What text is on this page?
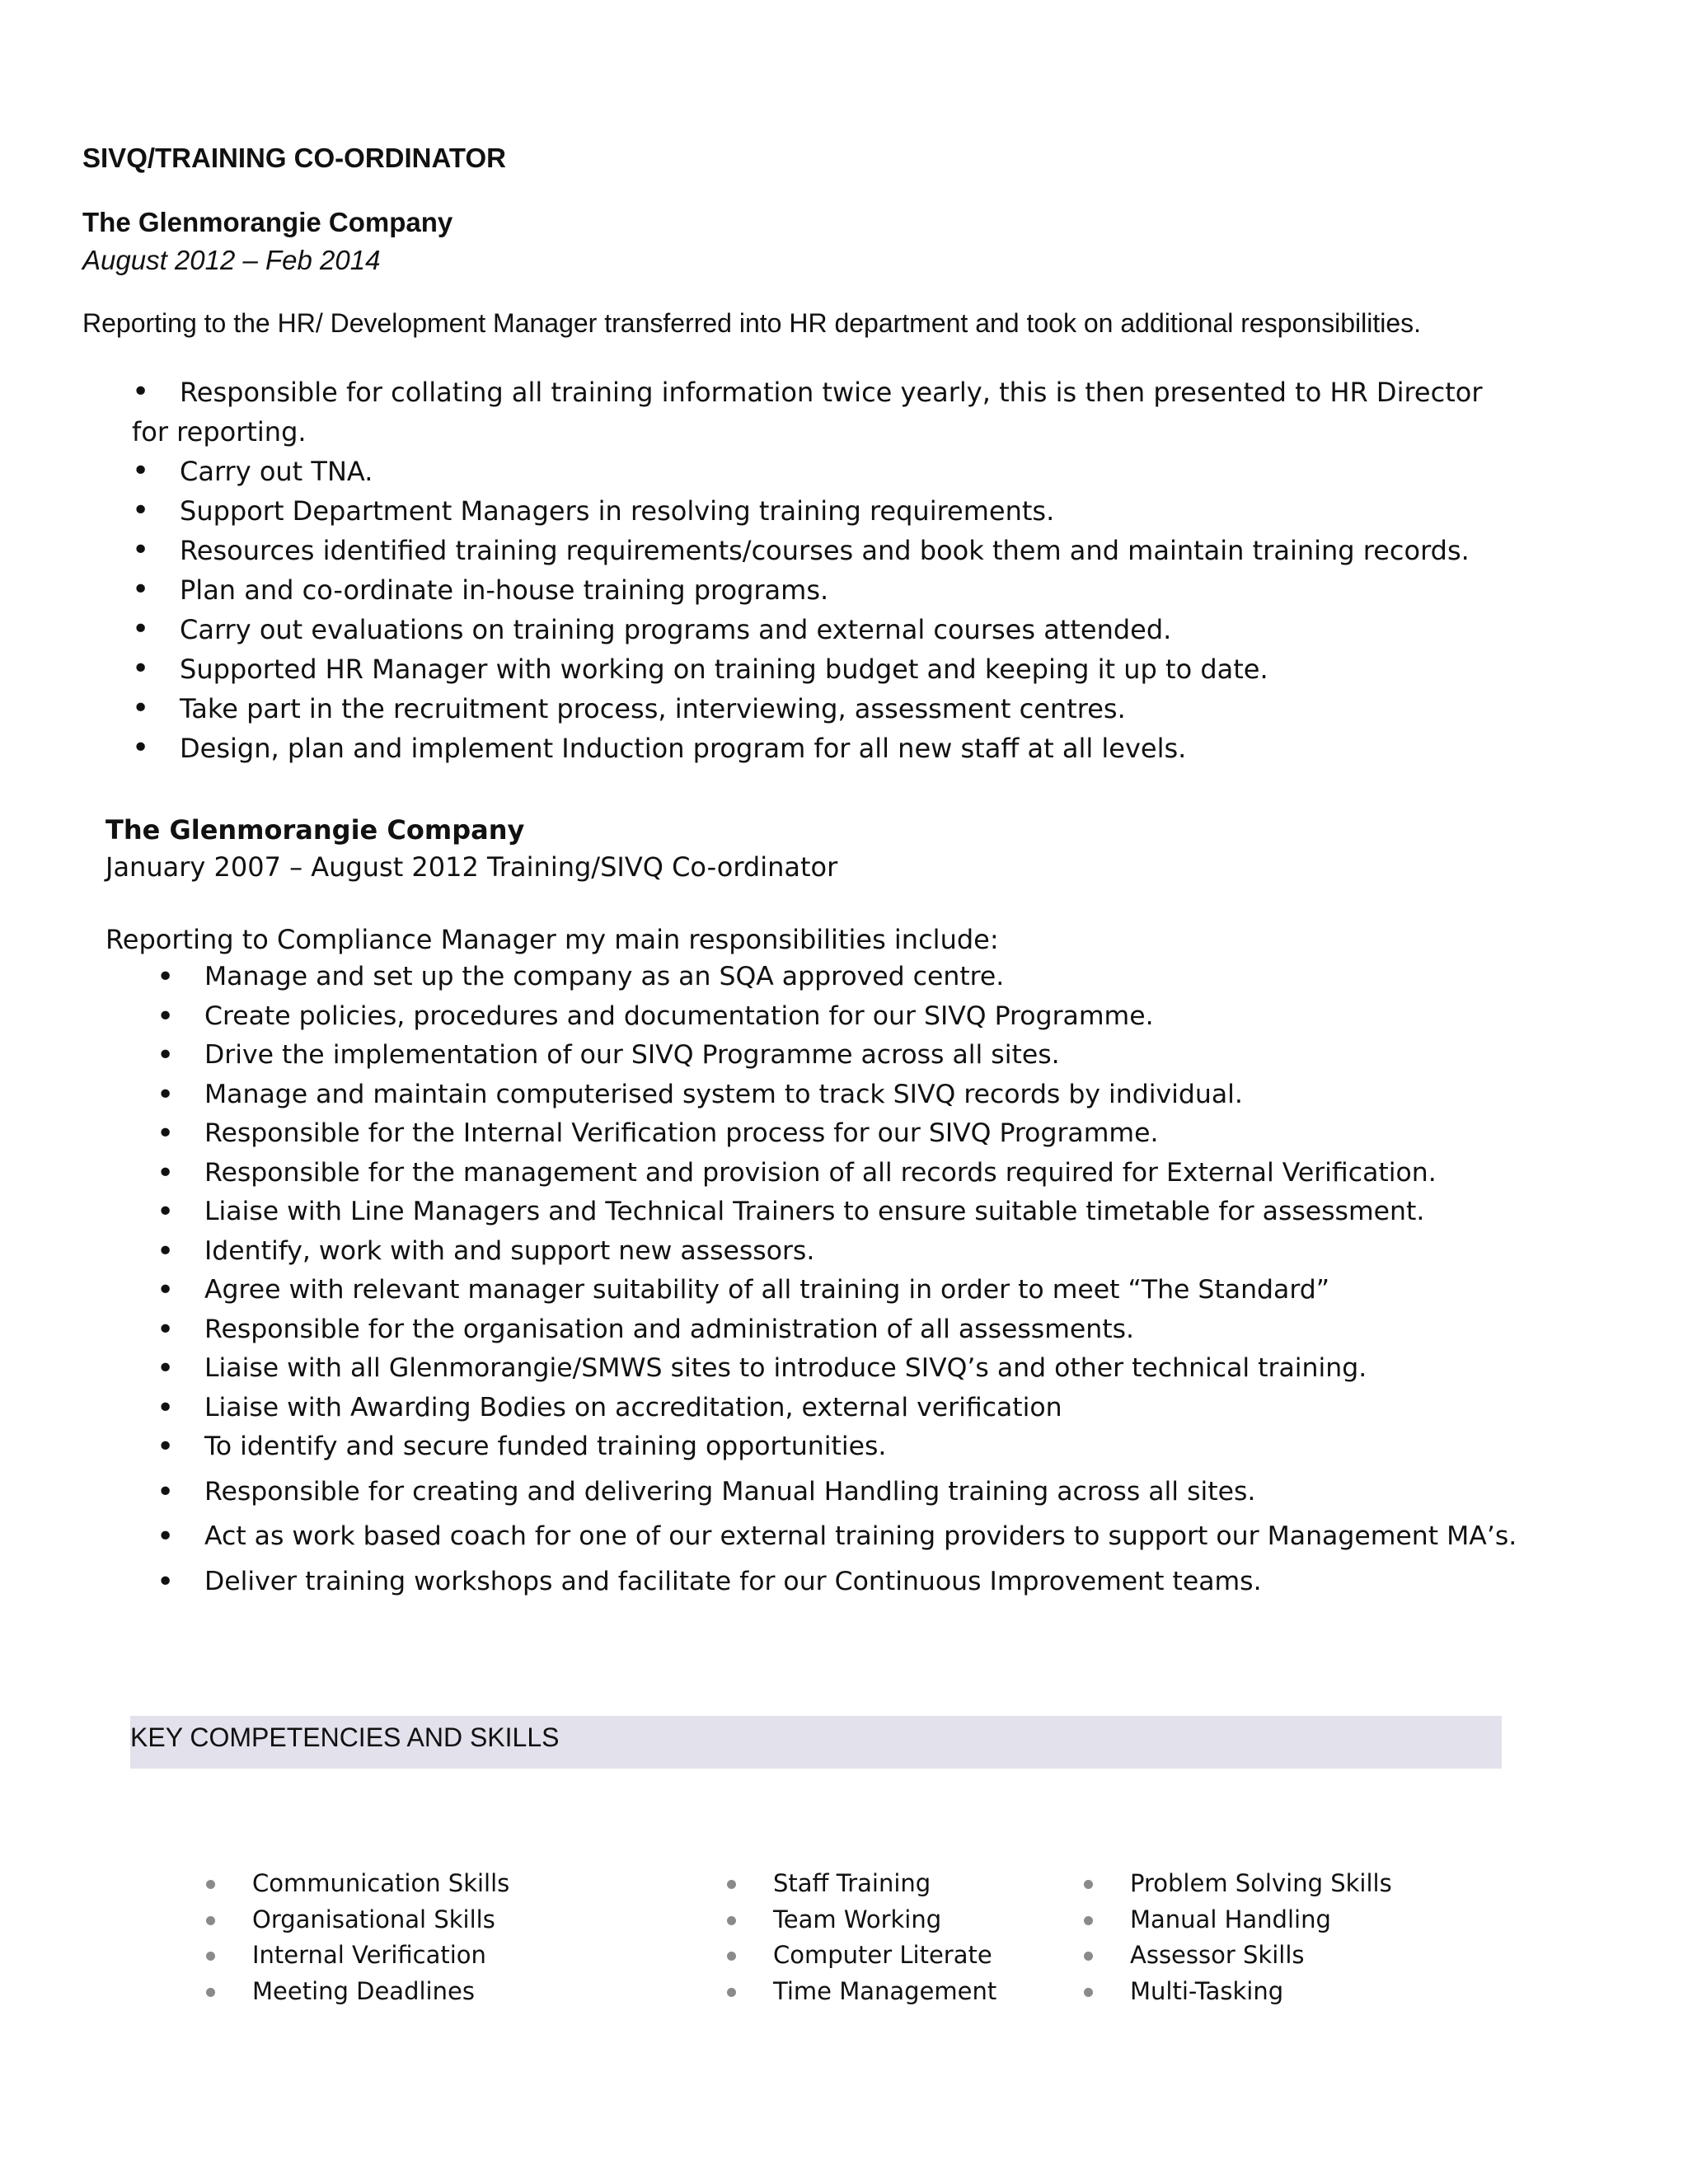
SIVQ/TRAINING CO-ORDINATOR
The Glenmorangie Company
August 2012 – Feb 2014
Reporting to the HR/ Development Manager transferred into HR department and took on additional responsibilities.
• Responsible for collating all training information twice yearly, this is then presented to HR Director for reporting.
• Carry out TNA.
• Support Department Managers in resolving training requirements.
• Resources identified training requirements/courses and book them and maintain training records.
• Plan and co-ordinate in-house training programs.
• Carry out evaluations on training programs and external courses attended.
• Supported HR Manager with working on training budget and keeping it up to date.
• Take part in the recruitment process, interviewing, assessment centres.
• Design, plan and implement Induction program for all new staff at all levels.
The Glenmorangie Company
January 2007 – August 2012 Training/SIVQ Co-ordinator
Reporting to Compliance Manager my main responsibilities include:
• Manage and set up the company as an SQA approved centre.
• Create policies, procedures and documentation for our SIVQ Programme.
• Drive the implementation of our SIVQ Programme across all sites.
• Manage and maintain computerised system to track SIVQ records by individual.
• Responsible for the Internal Verification process for our SIVQ Programme.
• Responsible for the management and provision of all records required for External Verification.
• Liaise with Line Managers and Technical Trainers to ensure suitable timetable for assessment.
• Identify, work with and support new assessors.
• Agree with relevant manager suitability of all training in order to meet “The Standard”
• Responsible for the organisation and administration of all assessments.
• Liaise with all Glenmorangie/SMWS sites to introduce SIVQ’s and other technical training.
• Liaise with Awarding Bodies on accreditation, external verification
• To identify and secure funded training opportunities.
• Responsible for creating and delivering Manual Handling training across all sites.
• Act as work based coach for one of our external training providers to support our Management MA’s.
• Deliver training workshops and facilitate for our Continuous Improvement teams.
KEY COMPETENCIES AND SKILLS
Communication Skills
Organisational Skills
Internal Verification
Meeting Deadlines
Staff Training
Team Working
Computer Literate
Time Management
Problem Solving Skills
Manual Handling
Assessor Skills
Multi-Tasking
